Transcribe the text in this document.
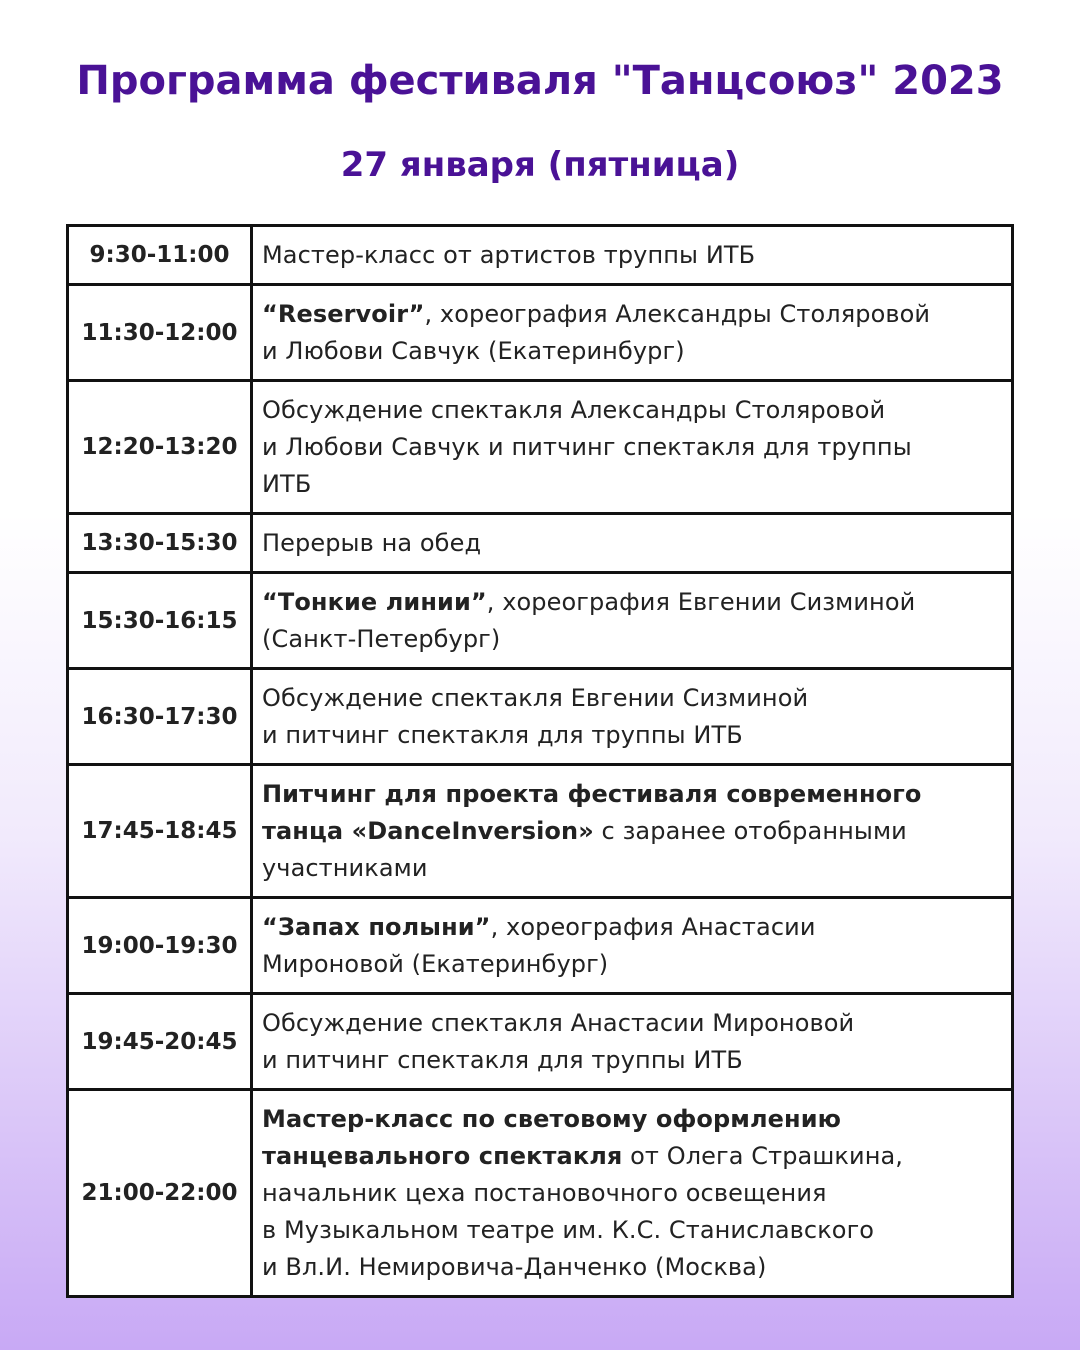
Программа фестиваля "Танцсоюз" 2023
27 января (пятница)
9:30-11:00	Мастер-класс от артистов труппы ИТБ

11:30-12:00	“Reservoir”, хореография Александры Столяровой
и Любови Савчук (Екатеринбург)

12:20-13:20	Обсуждение спектакля Александры Столяровой
и Любови Савчук и питчинг спектакля для труппы
ИТБ

13:30-15:30	Перерыв на обед

15:30-16:15	“Тонкие линии”, хореография Евгении Сизминой
(Санкт-Петербург)

16:30-17:30	Обсуждение спектакля Евгении Сизминой
и питчинг спектакля для труппы ИТБ

17:45-18:45	Питчинг для проекта фестиваля современного
танца «DanceInversion» с заранее отобранными
участниками

19:00-19:30	“Запах полыни”, хореография Анастасии
Мироновой (Екатеринбург)

19:45-20:45	Обсуждение спектакля Анастасии Мироновой
и питчинг спектакля для труппы ИТБ

21:00-22:00	Мастер-класс по световому оформлению
танцевального спектакля от Олега Страшкина,
начальник цеха постановочного освещения
в Музыкальном театре им. К.С. Станиславского
и Вл.И. Немировича-Данченко (Москва)
